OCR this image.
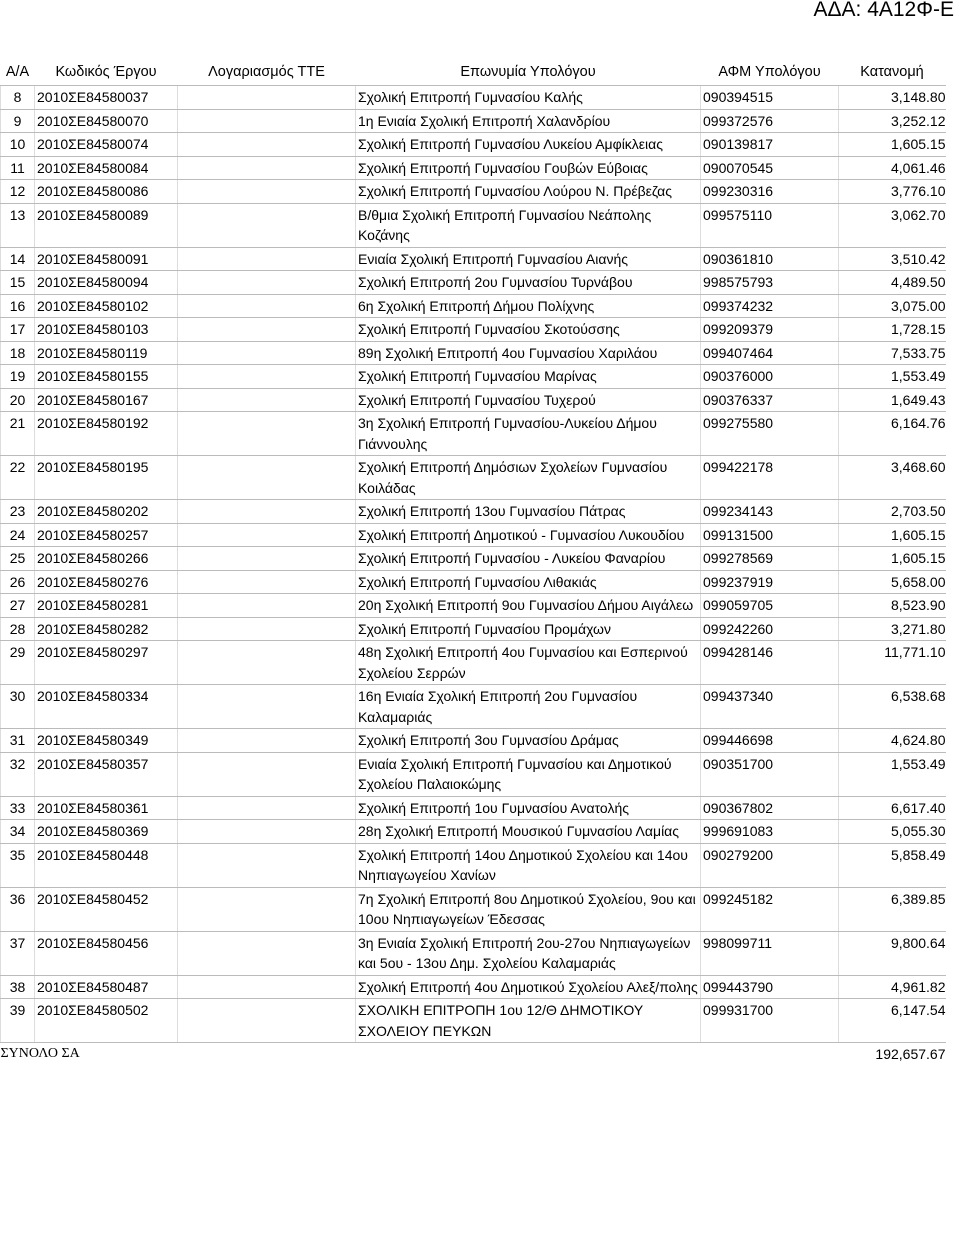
ΑΔΑ: 4Α12Φ-Ε
Α/Α	Κωδικός Έργου	Λογαριασμός ΤΤΕ	Επωνυμία Υπολόγου	ΑΦΜ Υπολόγου	Κατανομή
8	2010ΣΕ84580037		Σχολική Επιτροπή Γυμνασίου Καλής	090394515	3,148.80
9	2010ΣΕ84580070		1η Ενιαία Σχολική Επιτροπή Χαλανδρίου	099372576	3,252.12
10	2010ΣΕ84580074		Σχολική Επιτροπή Γυμνασίου Λυκείου Αμφίκλειας	090139817	1,605.15
11	2010ΣΕ84580084		Σχολική Επιτροπή Γυμνασίου Γουβών Εύβοιας	090070545	4,061.46
12	2010ΣΕ84580086		Σχολική Επιτροπή Γυμνασίου Λούρου Ν. Πρέβεζας	099230316	3,776.10
13	2010ΣΕ84580089		Β/θμια Σχολική Επιτροπή Γυμνασίου Νεάπολης Κοζάνης	099575110	3,062.70
14	2010ΣΕ84580091		Ενιαία Σχολική Επιτροπή Γυμνασίου Αιανής	090361810	3,510.42
15	2010ΣΕ84580094		Σχολική Επιτροπή 2ου Γυμνασίου Τυρνάβου	998575793	4,489.50
16	2010ΣΕ84580102		6η Σχολική Επιτροπή Δήμου Πολίχνης	099374232	3,075.00
17	2010ΣΕ84580103		Σχολική Επιτροπή Γυμνασίου Σκοτούσσης	099209379	1,728.15
18	2010ΣΕ84580119		89η Σχολική Επιτροπή 4ου Γυμνασίου Χαριλάου	099407464	7,533.75
19	2010ΣΕ84580155		Σχολική Επιτροπή Γυμνασίου Μαρίνας	090376000	1,553.49
20	2010ΣΕ84580167		Σχολική Επιτροπή Γυμνασίου Τυχερού	090376337	1,649.43
21	2010ΣΕ84580192		3η Σχολική Επιτροπή Γυμνασίου-Λυκείου Δήμου Γιάννουλης	099275580	6,164.76
22	2010ΣΕ84580195		Σχολική Επιτροπή Δημόσιων Σχολείων Γυμνασίου Κοιλάδας	099422178	3,468.60
23	2010ΣΕ84580202		Σχολική Επιτροπή 13ου Γυμνασίου Πάτρας	099234143	2,703.50
24	2010ΣΕ84580257		Σχολική Επιτροπή Δημοτικού - Γυμνασίου Λυκουδίου	099131500	1,605.15
25	2010ΣΕ84580266		Σχολική Επιτροπή Γυμνασίου - Λυκείου Φαναρίου	099278569	1,605.15
26	2010ΣΕ84580276		Σχολική Επιτροπή Γυμνασίου Λιθακιάς	099237919	5,658.00
27	2010ΣΕ84580281		20η Σχολική Επιτροπή 9ου Γυμνασίου Δήμου Αιγάλεω	099059705	8,523.90
28	2010ΣΕ84580282		Σχολική Επιτροπή Γυμνασίου Προμάχων	099242260	3,271.80
29	2010ΣΕ84580297		48η Σχολική Επιτροπή 4ου Γυμνασίου και Εσπερινού Σχολείου Σερρών	099428146	11,771.10
30	2010ΣΕ84580334		16η Ενιαία Σχολική Επιτροπή 2ου Γυμνασίου Καλαμαριάς	099437340	6,538.68
31	2010ΣΕ84580349		Σχολική Επιτροπή 3ου Γυμνασίου Δράμας	099446698	4,624.80
32	2010ΣΕ84580357		Ενιαία Σχολική Επιτροπή Γυμνασίου και Δημοτικού Σχολείου Παλαιοκώμης	090351700	1,553.49
33	2010ΣΕ84580361		Σχολική Επιτροπή 1ου Γυμνασίου Ανατολής	090367802	6,617.40
34	2010ΣΕ84580369		28η Σχολική Επιτροπή Μουσικού Γυμνασίου Λαμίας	999691083	5,055.30
35	2010ΣΕ84580448		Σχολική Επιτροπή 14ου Δημοτικού Σχολείου και 14ου Νηπιαγωγείου Χανίων	090279200	5,858.49
36	2010ΣΕ84580452		7η Σχολική Επιτροπή 8ου Δημοτικού Σχολείου, 9ου και 10ου Νηπιαγωγείων Έδεσσας	099245182	6,389.85
37	2010ΣΕ84580456		3η Ενιαία Σχολική Επιτροπή 2ου-27ου Νηπιαγωγείων και 5ου - 13ου Δημ. Σχολείου Καλαμαριάς	998099711	9,800.64
38	2010ΣΕ84580487		Σχολική Επιτροπή 4ου Δημοτικού Σχολείου Αλεξ/πολης	099443790	4,961.82
39	2010ΣΕ84580502		ΣΧΟΛΙΚΗ ΕΠΙΤΡΟΠΗ 1ου 12/Θ ΔΗΜΟΤΙΚΟΥ ΣΧΟΛΕΙΟΥ ΠΕΥΚΩΝ	099931700	6,147.54
ΣΥΝΟΛΟ ΣΑ					192,657.67
